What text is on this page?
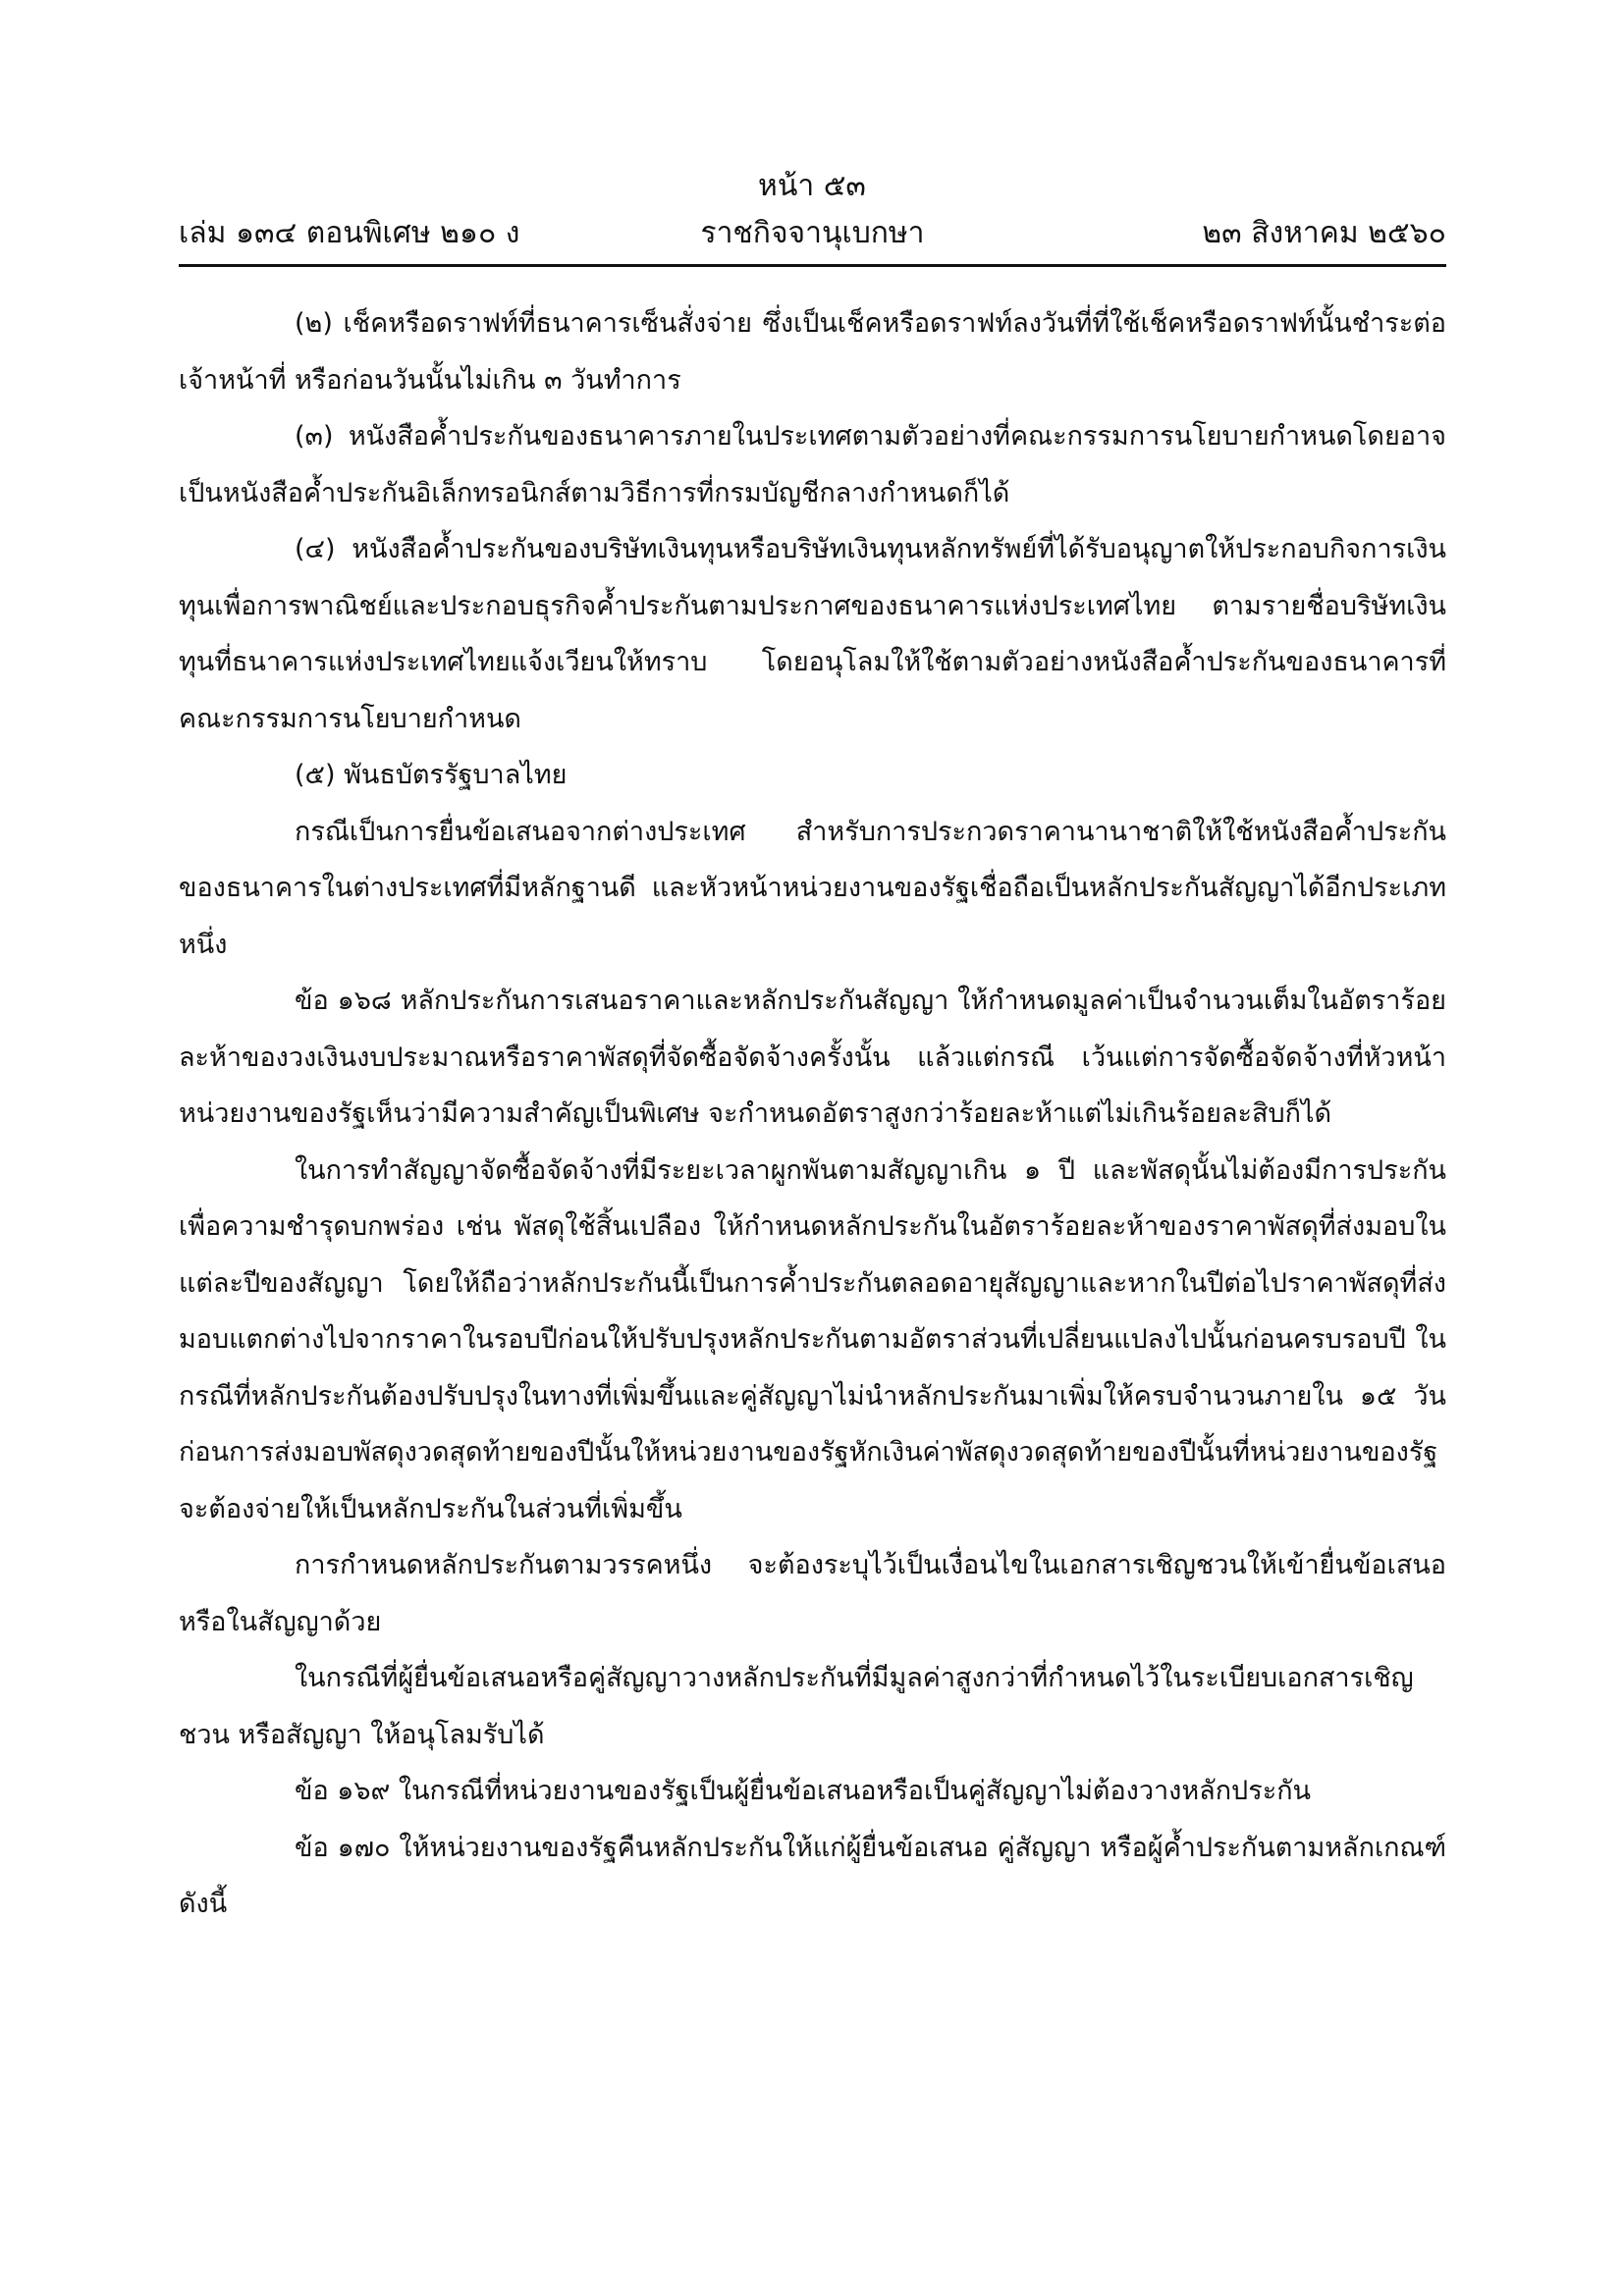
หน้า ๕๓
ราชกิจจานุเบกษา
เล่ม ๑๓๔ ตอนพิเศษ ๒๑๐ ง	๒๓ สิงหาคม ๒๕๖๐

(๒) เช็คหรือดราฟท์ที่ธนาคารเซ็นสั่งจ่าย ซึ่งเป็นเช็คหรือดราฟท์ลงวันที่ที่ใช้เช็คหรือดราฟท์นั้นชำระต่อเจ้าหน้าที่ หรือก่อนวันนั้นไม่เกิน ๓ วันทำการ

(๓) หนังสือค้ำประกันของธนาคารภายในประเทศตามตัวอย่างที่คณะกรรมการนโยบายกำหนดโดยอาจเป็นหนังสือค้ำประกันอิเล็กทรอนิกส์ตามวิธีการที่กรมบัญชีกลางกำหนดก็ได้

(๔) หนังสือค้ำประกันของบริษัทเงินทุนหรือบริษัทเงินทุนหลักทรัพย์ที่ได้รับอนุญาตให้ประกอบกิจการเงินทุนเพื่อการพาณิชย์และประกอบธุรกิจค้ำประกันตามประกาศของธนาคารแห่งประเทศไทย ตามรายชื่อบริษัทเงินทุนที่ธนาคารแห่งประเทศไทยแจ้งเวียนให้ทราบ โดยอนุโลมให้ใช้ตามตัวอย่างหนังสือค้ำประกันของธนาคารที่คณะกรรมการนโยบายกำหนด

(๕) พันธบัตรรัฐบาลไทย

กรณีเป็นการยื่นข้อเสนอจากต่างประเทศ สำหรับการประกวดราคานานาชาติให้ใช้หนังสือค้ำประกันของธนาคารในต่างประเทศที่มีหลักฐานดี และหัวหน้าหน่วยงานของรัฐเชื่อถือเป็นหลักประกันสัญญาได้อีกประเภทหนึ่ง

ข้อ ๑๖๘ หลักประกันการเสนอราคาและหลักประกันสัญญา ให้กำหนดมูลค่าเป็นจำนวนเต็มในอัตราร้อยละห้าของวงเงินงบประมาณหรือราคาพัสดุที่จัดซื้อจัดจ้างครั้งนั้น แล้วแต่กรณี เว้นแต่การจัดซื้อจัดจ้างที่หัวหน้าหน่วยงานของรัฐเห็นว่ามีความสำคัญเป็นพิเศษ จะกำหนดอัตราสูงกว่าร้อยละห้าแต่ไม่เกินร้อยละสิบก็ได้

ในการทำสัญญาจัดซื้อจัดจ้างที่มีระยะเวลาผูกพันตามสัญญาเกิน ๑ ปี และพัสดุนั้นไม่ต้องมีการประกันเพื่อความชำรุดบกพร่อง เช่น พัสดุใช้สิ้นเปลือง ให้กำหนดหลักประกันในอัตราร้อยละห้าของราคาพัสดุที่ส่งมอบในแต่ละปีของสัญญา โดยให้ถือว่าหลักประกันนี้เป็นการค้ำประกันตลอดอายุสัญญาและหากในปีต่อไปราคาพัสดุที่ส่งมอบแตกต่างไปจากราคาในรอบปีก่อนให้ปรับปรุงหลักประกันตามอัตราส่วนที่เปลี่ยนแปลงไปนั้นก่อนครบรอบปี ในกรณีที่หลักประกันต้องปรับปรุงในทางที่เพิ่มขึ้นและคู่สัญญาไม่นำหลักประกันมาเพิ่มให้ครบจำนวนภายใน ๑๕ วัน ก่อนการส่งมอบพัสดุงวดสุดท้ายของปีนั้นให้หน่วยงานของรัฐหักเงินค่าพัสดุงวดสุดท้ายของปีนั้นที่หน่วยงานของรัฐจะต้องจ่ายให้เป็นหลักประกันในส่วนที่เพิ่มขึ้น

การกำหนดหลักประกันตามวรรคหนึ่ง จะต้องระบุไว้เป็นเงื่อนไขในเอกสารเชิญชวนให้เข้ายื่นข้อเสนอหรือในสัญญาด้วย

ในกรณีที่ผู้ยื่นข้อเสนอหรือคู่สัญญาวางหลักประกันที่มีมูลค่าสูงกว่าที่กำหนดไว้ในระเบียบเอกสารเชิญชวน หรือสัญญา ให้อนุโลมรับได้

ข้อ ๑๖๙ ในกรณีที่หน่วยงานของรัฐเป็นผู้ยื่นข้อเสนอหรือเป็นคู่สัญญาไม่ต้องวางหลักประกัน

ข้อ ๑๗๐ ให้หน่วยงานของรัฐคืนหลักประกันให้แก่ผู้ยื่นข้อเสนอ คู่สัญญา หรือผู้ค้ำประกันตามหลักเกณฑ์ ดังนี้
